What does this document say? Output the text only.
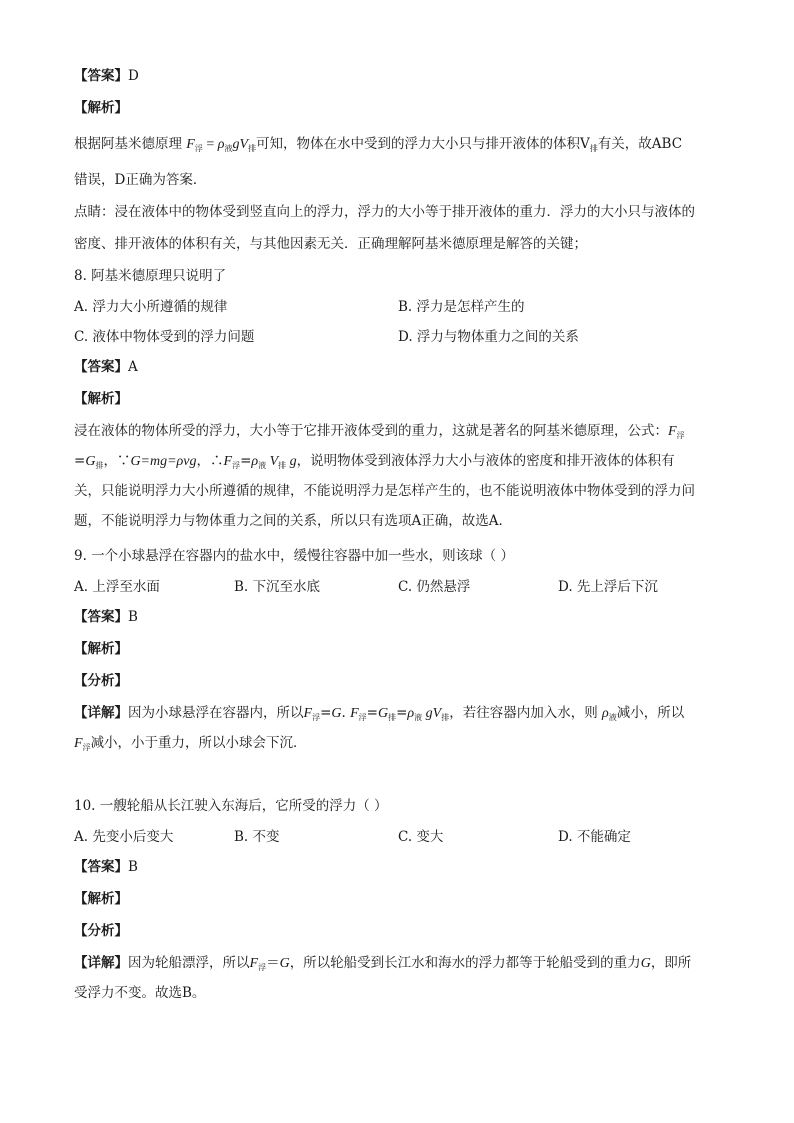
【答案】D
【解析】
根据阿基米德原理 $F_浮 = \rho_液gV_排$可知，物体在水中受到的浮力大小只与排开液体的体积$V_排$有关，故ABC
错误，D正确为答案．
点睛：浸在液体中的物体受到竖直向上的浮力，浮力的大小等于排开液体的重力．浮力的大小只与液体的
密度、排开液体的体积有关，与其他因素无关．正确理解阿基米德原理是解答的关键；
8. 阿基米德原理只说明了
A. 浮力大小所遵循的规律	B. 浮力是怎样产生的
C. 液体中物体受到的浮力问题	D. 浮力与物体重力之间的关系
【答案】A
【解析】
浸在液体的物体所受的浮力，大小等于它排开液体受到的重力，这就是著名的阿基米德原理，公式：$F_浮$
$=G_排$，∵G=mg=ρvg，$\therefore F_浮=\rho_液$ $V_排$ g，说明物体受到液体浮力大小与液体的密度和排开液体的体积有
关，只能说明浮力大小所遵循的规律，不能说明浮力是怎样产生的，也不能说明液体中物体受到的浮力问
题，不能说明浮力与物体重力之间的关系，所以只有选项A正确，故选A．
9. 一个小球悬浮在容器内的盐水中，缓慢往容器中加一些水，则该球（ ）
A. 上浮至水面	B. 下沉至水底	C. 仍然悬浮	D. 先上浮后下沉
【答案】B
【解析】
【分析】
【详解】因为小球悬浮在容器内，所以$F_浮=G$. $F_浮=G_排=\rho_液$ $gV_排$，若往容器内加入水，则 $\rho_液$减小，所以
$F_浮$减小，小于重力，所以小球会下沉．
10. 一艘轮船从长江驶入东海后，它所受的浮力（ ）
A. 先变小后变大	B. 不变	C. 变大	D. 不能确定
【答案】B
【解析】
【分析】
【详解】因为轮船漂浮，所以$F_浮=G$，所以轮船受到长江水和海水的浮力都等于轮船受到的重力G，即所
受浮力不变。故选B。
